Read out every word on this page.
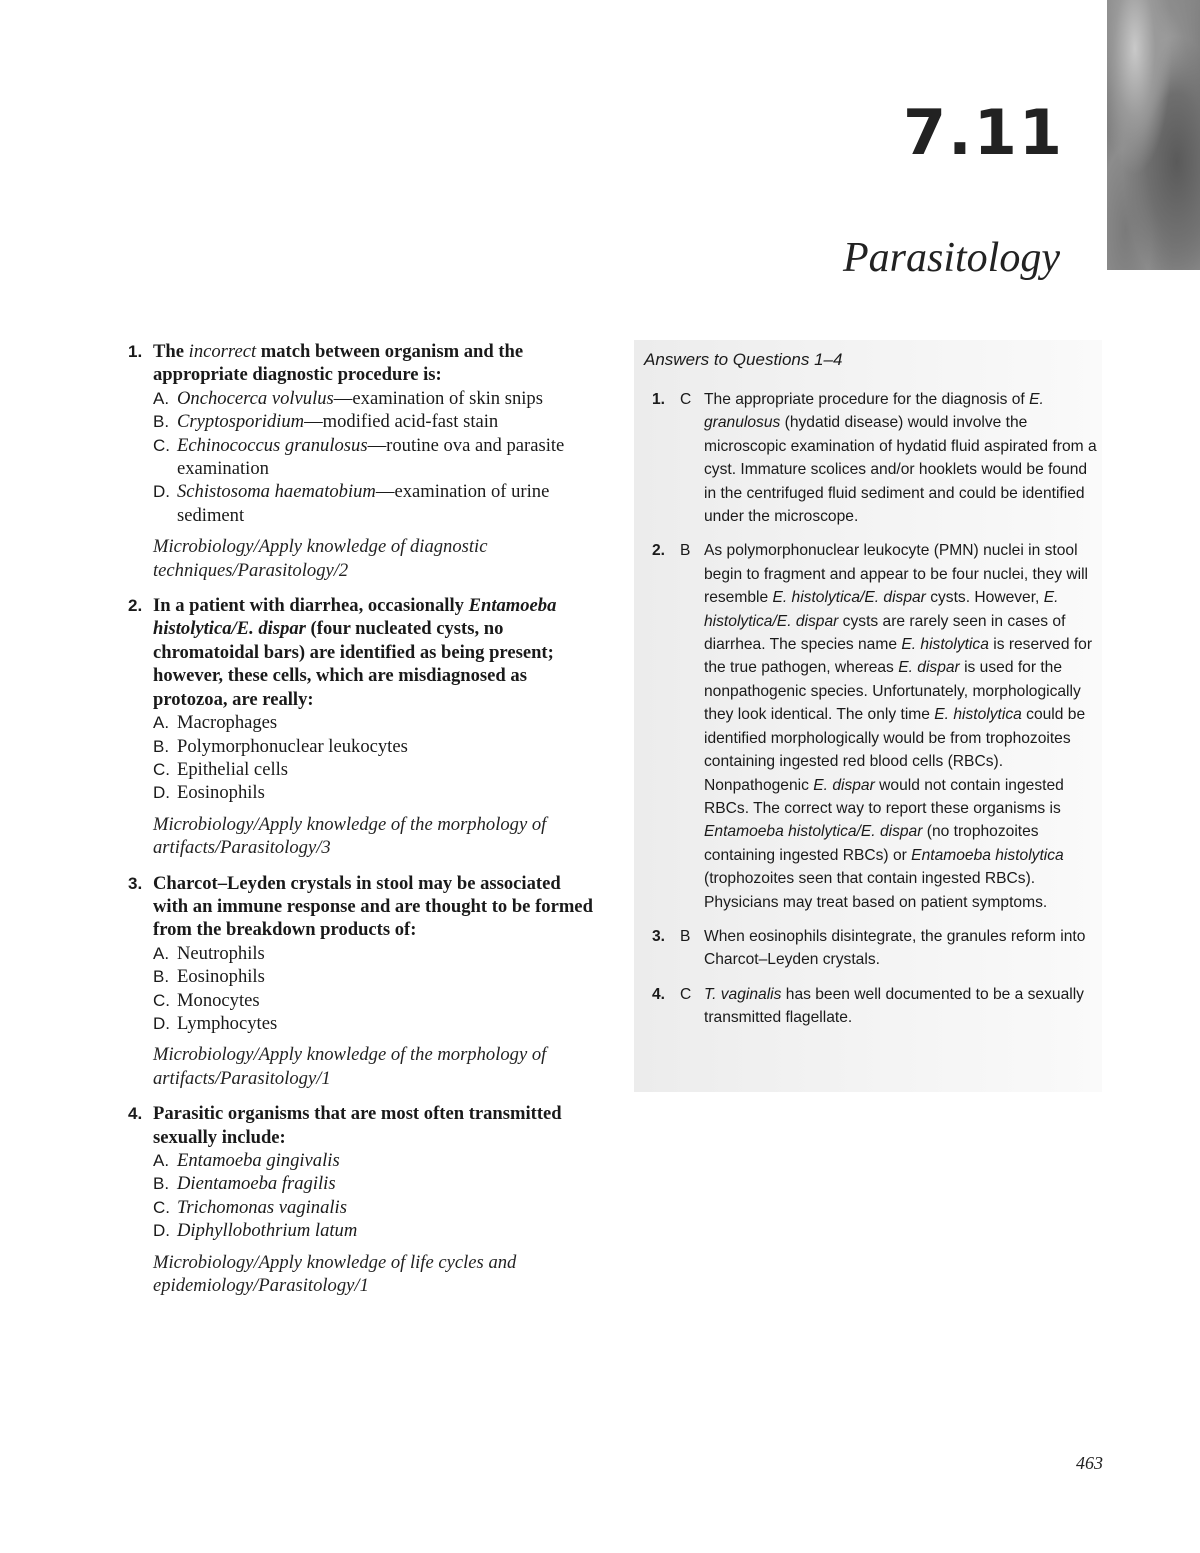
7.11
Parasitology
1. The incorrect match between organism and the appropriate diagnostic procedure is:
A. Onchocerca volvulus—examination of skin snips
B. Cryptosporidium—modified acid-fast stain
C. Echinococcus granulosus—routine ova and parasite examination
D. Schistosoma haematobium—examination of urine sediment
Microbiology/Apply knowledge of diagnostic techniques/Parasitology/2
2. In a patient with diarrhea, occasionally Entamoeba histolytica/E. dispar (four nucleated cysts, no chromatoidal bars) are identified as being present; however, these cells, which are misdiagnosed as protozoa, are really:
A. Macrophages
B. Polymorphonuclear leukocytes
C. Epithelial cells
D. Eosinophils
Microbiology/Apply knowledge of the morphology of artifacts/Parasitology/3
3. Charcot–Leyden crystals in stool may be associated with an immune response and are thought to be formed from the breakdown products of:
A. Neutrophils
B. Eosinophils
C. Monocytes
D. Lymphocytes
Microbiology/Apply knowledge of the morphology of artifacts/Parasitology/1
4. Parasitic organisms that are most often transmitted sexually include:
A. Entamoeba gingivalis
B. Dientamoeba fragilis
C. Trichomonas vaginalis
D. Diphyllobothrium latum
Microbiology/Apply knowledge of life cycles and epidemiology/Parasitology/1
Answers to Questions 1–4
1. C The appropriate procedure for the diagnosis of E. granulosus (hydatid disease) would involve the microscopic examination of hydatid fluid aspirated from a cyst. Immature scolices and/or hooklets would be found in the centrifuged fluid sediment and could be identified under the microscope.
2. B As polymorphonuclear leukocyte (PMN) nuclei in stool begin to fragment and appear to be four nuclei, they will resemble E. histolytica/E. dispar cysts. However, E. histolytica/E. dispar cysts are rarely seen in cases of diarrhea. The species name E. histolytica is reserved for the true pathogen, whereas E. dispar is used for the nonpathogenic species. Unfortunately, morphologically they look identical. The only time E. histolytica could be identified morphologically would be from trophozoites containing ingested red blood cells (RBCs). Nonpathogenic E. dispar would not contain ingested RBCs. The correct way to report these organisms is Entamoeba histolytica/E. dispar (no trophozoites containing ingested RBCs) or Entamoeba histolytica (trophozoites seen that contain ingested RBCs). Physicians may treat based on patient symptoms.
3. B When eosinophils disintegrate, the granules reform into Charcot–Leyden crystals.
4. C T. vaginalis has been well documented to be a sexually transmitted flagellate.
463
